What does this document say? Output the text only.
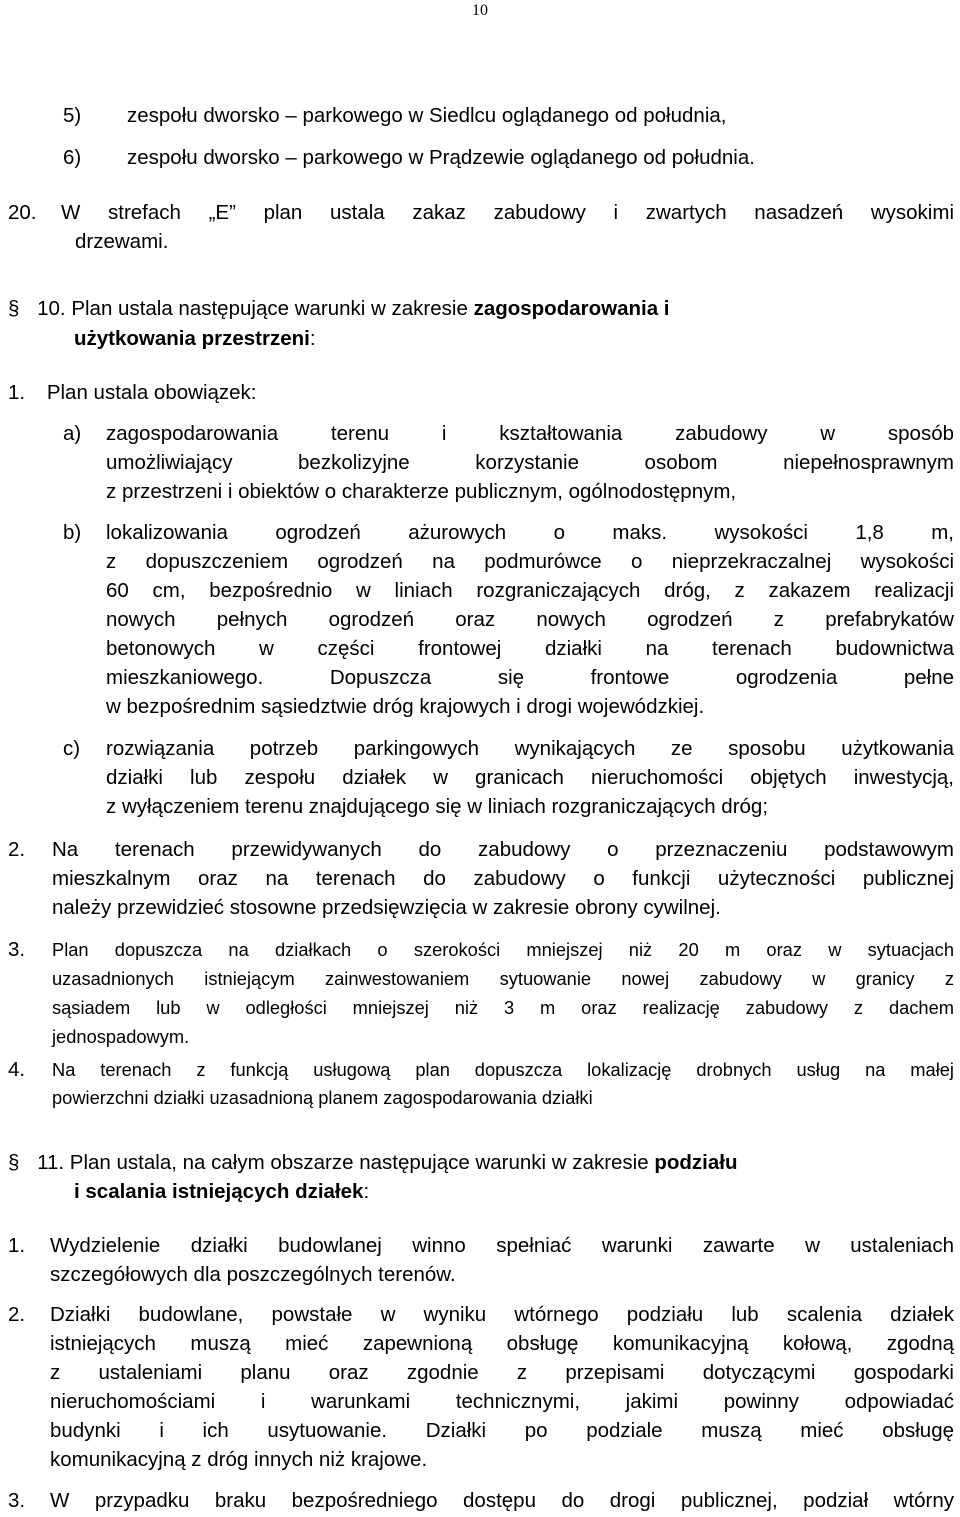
10
5)	zespołu dworsko – parkowego w Siedlcu oglądanego od południa,
6)	zespołu dworsko – parkowego w Prądzewie oglądanego od południa.
20. W strefach „E” plan ustala zakaz zabudowy i zwartych nasadzeń wysokimi
drzewami.
§ 10. Plan ustala następujące warunki w zakresie zagospodarowania i
użytkowania przestrzeni:
1. Plan ustala obowiązek:
a) zagospodarowania terenu i kształtowania zabudowy w sposób
umożliwiający bezkolizyjne korzystanie osobom niepełnosprawnym
z przestrzeni i obiektów o charakterze publicznym, ogólnodostępnym,
b) lokalizowania ogrodzeń ażurowych o maks. wysokości 1,8 m,
z dopuszczeniem ogrodzeń na podmurówce o nieprzekraczalnej wysokości
60 cm, bezpośrednio w liniach rozgraniczających dróg, z zakazem realizacji
nowych pełnych ogrodzeń oraz nowych ogrodzeń z prefabrykatów
betonowych w części frontowej działki na terenach budownictwa
mieszkaniowego. Dopuszcza się frontowe ogrodzenia pełne
w bezpośrednim sąsiedztwie dróg krajowych i drogi wojewódzkiej.
c) rozwiązania potrzeb parkingowych wynikających ze sposobu użytkowania
działki lub zespołu działek w granicach nieruchomości objętych inwestycją,
z wyłączeniem terenu znajdującego się w liniach rozgraniczających dróg;
2. Na terenach przewidywanych do zabudowy o przeznaczeniu podstawowym
mieszkalnym oraz na terenach do zabudowy o funkcji użyteczności publicznej
należy przewidzieć stosowne przedsięwzięcia w zakresie obrony cywilnej.
3. Plan dopuszcza na działkach o szerokości mniejszej niż 20 m oraz w sytuacjach
uzasadnionych istniejącym zainwestowaniem sytuowanie nowej zabudowy w granicy z
sąsiadem lub w odległości mniejszej niż 3 m oraz realizację zabudowy z dachem
jednospadowym.
4. Na terenach z funkcją usługową plan dopuszcza lokalizację drobnych usług na małej
powierzchni działki uzasadnioną planem zagospodarowania działki
§ 11. Plan ustala, na całym obszarze następujące warunki w zakresie podziału
i scalania istniejących działek:
1. Wydzielenie działki budowlanej winno spełniać warunki zawarte w ustaleniach
szczegółowych dla poszczególnych terenów.
2. Działki budowlane, powstałe w wyniku wtórnego podziału lub scalenia działek
istniejących muszą mieć zapewnioną obsługę komunikacyjną kołową, zgodną
z ustaleniami planu oraz zgodnie z przepisami dotyczącymi gospodarki
nieruchomościami i warunkami technicznymi, jakimi powinny odpowiadać
budynki i ich usytuowanie. Działki po podziale muszą mieć obsługę
komunikacyjną z dróg innych niż krajowe.
3. W przypadku braku bezpośredniego dostępu do drogi publicznej, podział wtórny
